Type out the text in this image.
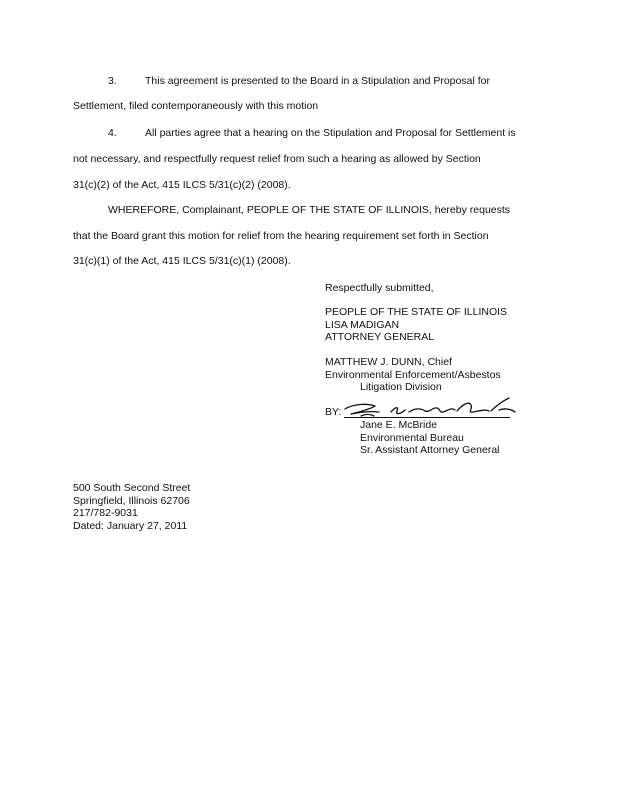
3.	This agreement is presented to the Board in a Stipulation and Proposal for
Settlement, filed contemporaneously with this motion
4.	All parties agree that a hearing on the Stipulation and Proposal for Settlement is
not necessary, and respectfully request relief from such a hearing as allowed by Section
31(c)(2) of the Act, 415 ILCS 5/31(c)(2) (2008).
WHEREFORE, Complainant, PEOPLE OF THE STATE OF ILLINOIS, hereby requests
that the Board grant this motion for relief from the hearing requirement set forth in Section
31(c)(1) of the Act, 415 ILCS 5/31(c)(1) (2008).
Respectfully submitted,
PEOPLE OF THE STATE OF ILLINOIS
LISA MADIGAN
ATTORNEY GENERAL
MATTHEW J. DUNN, Chief
Environmental Enforcement/Asbestos
Litigation Division
BY:
Jane E. McBride
Environmental Bureau
Sr. Assistant Attorney General
500 South Second Street
Springfield, Illinois 62706
217/782-9031
Dated: January 27, 2011
